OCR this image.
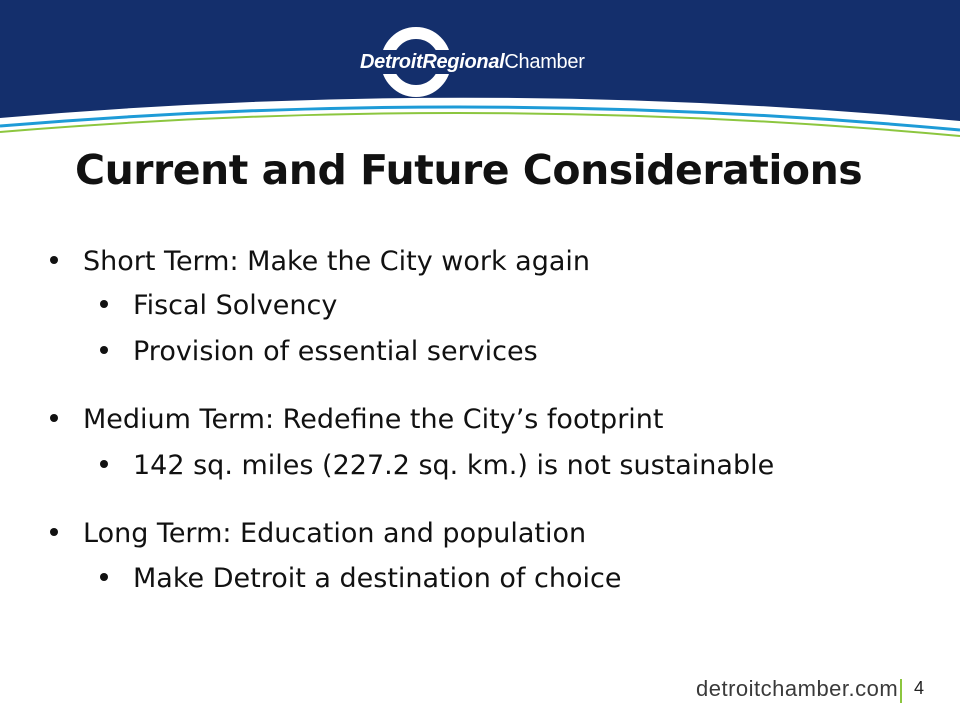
DetroitRegionalChamber
Current and Future Considerations
Short Term: Make the City work again
Fiscal Solvency
Provision of essential services
Medium Term: Redefine the City’s footprint
142 sq. miles (227.2 sq. km.) is not sustainable
Long Term: Education and population
Make Detroit a destination of choice
detroitchamber.com 4
